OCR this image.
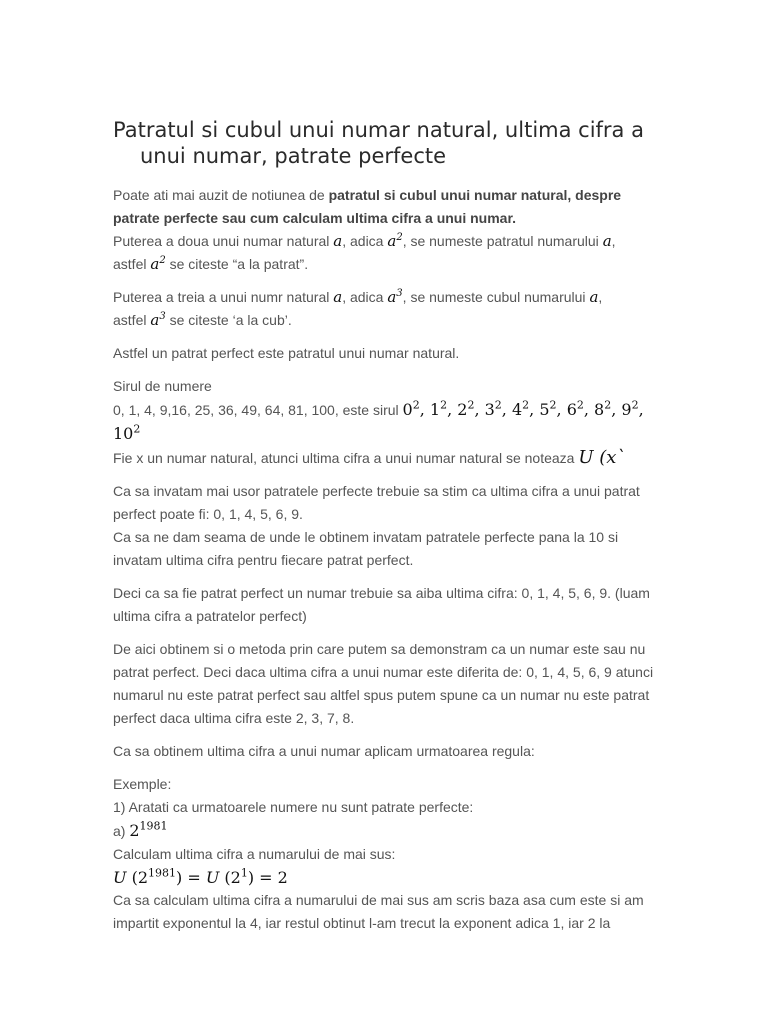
Patratul si cubul unui numar natural, ultima cifra a
unui numar, patrate perfecte

Poate ati mai auzit de notiunea de patratul si cubul unui numar natural, despre patrate perfecte sau cum calculam ultima cifra a unui numar.

Puterea a doua unui numar natural a, adica $a^2$, se numeste patratul numarului a,
astfel $a^2$ se citeste “a la patrat”.

Puterea a treia a unui numr natural a, adica $a^3$, se numeste cubul numarului a,
astfel $a^3$ se citeste ‘a la cub’.

Astfel un patrat perfect este patratul unui numar natural.

Sirul de numere
0, 1, 4, 9,16, 25, 36, 49, 64, 81, 100, este sirul $0^2$, $1^2$, $2^2$, $3^2$, $4^2$, $5^2$, $6^2$, $8^2$, $9^2$, $10^2$
Fie x un numar natural, atunci ultima cifra a unui numar natural se noteaza U (x`

Ca sa invatam mai usor patratele perfecte trebuie sa stim ca ultima cifra a unui patrat perfect poate fi: 0, 1, 4, 5, 6, 9.
Ca sa ne dam seama de unde le obtinem invatam patratele perfecte pana la 10 si invatam ultima cifra pentru fiecare patrat perfect.

Deci ca sa fie patrat perfect un numar trebuie sa aiba ultima cifra: 0, 1, 4, 5, 6, 9. (luam ultima cifra a patratelor perfect)

De aici obtinem si o metoda prin care putem sa demonstram ca un numar este sau nu patrat perfect. Deci daca ultima cifra a unui numar este diferita de: 0, 1, 4, 5, 6, 9 atunci numarul nu este patrat perfect sau altfel spus putem spune ca un numar nu este patrat perfect daca ultima cifra este 2, 3, 7, 8.

Ca sa obtinem ultima cifra a unui numar aplicam urmatoarea regula:

Exemple:
1) Aratati ca urmatoarele numere nu sunt patrate perfecte:
a) $2^{1981}$
Calculam ultima cifra a numarului de mai sus:
U $(2^{1981}) = U$ $(2^1) = 2$
Ca sa calculam ultima cifra a numarului de mai sus am scris baza asa cum este si am impartit exponentul la 4, iar restul obtinut l-am trecut la exponent adica 1, iar 2 la
